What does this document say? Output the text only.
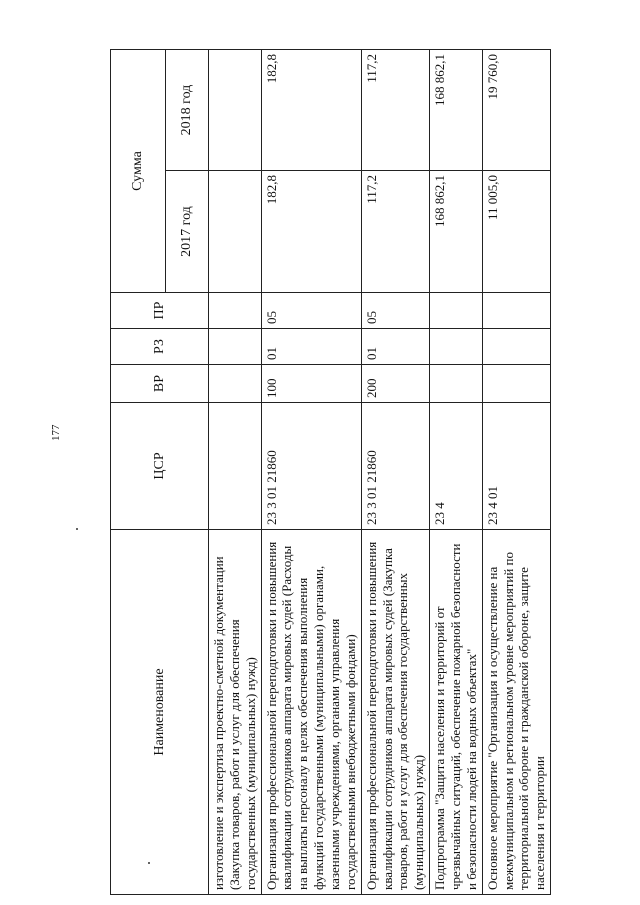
177
Наименование	ЦСР	ВР	РЗ	ПР	Сумма	
					2017 год	2018 год
изготовление и экспертиза проектно-сметной документации (Закупка товаров, работ и услуг для обеспечения государственных (муниципальных) нужд)						
Организация профессиональной переподготовки и повышения квалификации сотрудников аппарата мировых судей (Расходы на выплаты персоналу в целях обеспечения выполнения функций государственными (муниципальными) органами, казенными учреждениями, органами управления государственными внебюджетными фондами)	23 3 01 21860	100	01	05	182,8	182,8
Организация профессиональной переподготовки и повышения квалификации сотрудников аппарата мировых судей (Закупка товаров, работ и услуг для обеспечения государственных (муниципальных) нужд)	23 3 01 21860	200	01	05	117,2	117,2
Подпрограмма "Защита населения и территорий от чрезвычайных ситуаций, обеспечение пожарной безопасности и безопасности людей на водных объектах"	23 4				168 862,1	168 862,1
Основное мероприятие "Организация и осуществление на межмуниципальном и региональном уровне мероприятий по территориальной обороне и гражданской обороне, защите населения и территории	23 4 01				11 005,0	19 760,0
